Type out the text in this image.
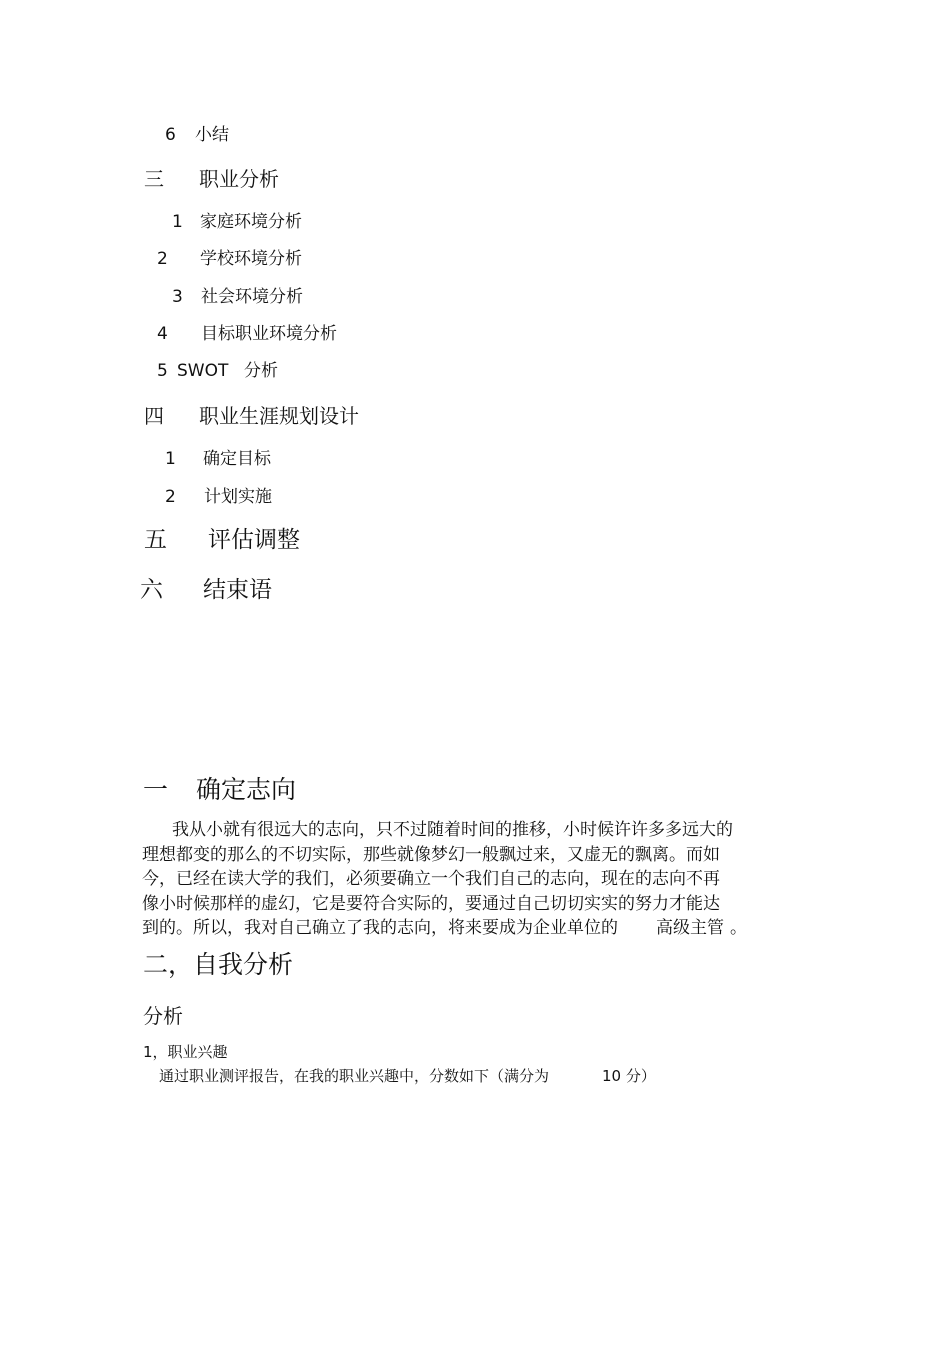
6 小结
三 职业分析
1 家庭环境分析
2 学校环境分析
3 社会环境分析
4 目标职业环境分析
5 SWOT 分析
四 职业生涯规划设计
1 确定目标
2 计划实施
五 评估调整
六 结束语
一 确定志向
我从小就有很远大的志向，只不过随着时间的推移，小时候许许多多远大的
理想都变的那么的不切实际，那些就像梦幻一般飘过来，又虚无的飘离。而如
今，已经在读大学的我们，必须要确立一个我们自己的志向，现在的志向不再
像小时候那样的虚幻，它是要符合实际的，要通过自己切切实实的努力才能达
到的。所以，我对自己确立了我的志向，将来要成为企业单位的 高级主管 。
二，自我分析
分析
1，职业兴趣
通过职业测评报告，在我的职业兴趣中，分数如下（满分为	10 分）
